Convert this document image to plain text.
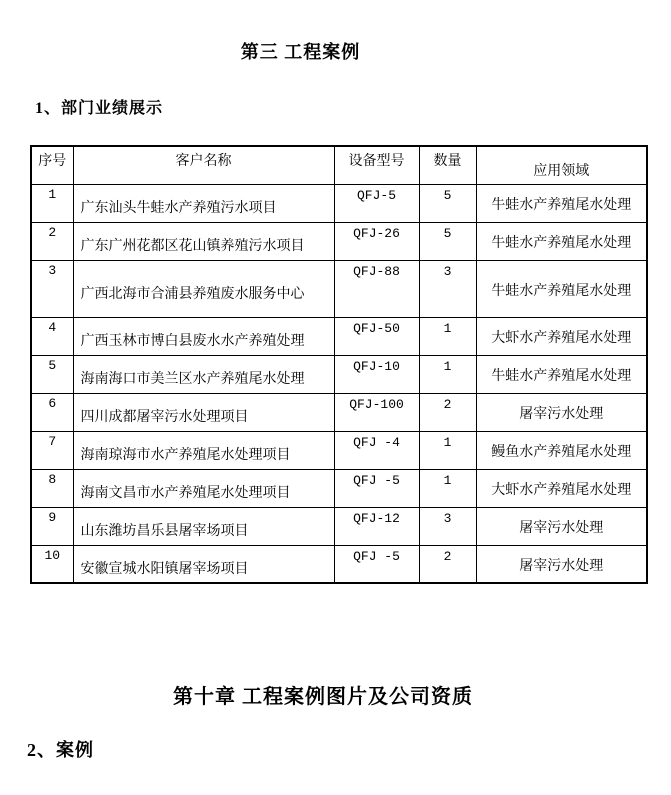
第三 工程案例
1、部门业绩展示
序号	客户名称	设备型号	数量	应用领域
1	广东汕头牛蛙水产养殖污水项目	QFJ-5	5	牛蛙水产养殖尾水处理
2	广东广州花都区花山镇养殖污水项目	QFJ-26	5	牛蛙水产养殖尾水处理
3	广西北海市合浦县养殖废水服务中心	QFJ-88	3	牛蛙水产养殖尾水处理
4	广西玉林市博白县废水水产养殖处理	QFJ-50	1	大虾水产养殖尾水处理
5	海南海口市美兰区水产养殖尾水处理	QFJ-10	1	牛蛙水产养殖尾水处理
6	四川成都屠宰污水处理项目	QFJ-100	2	屠宰污水处理
7	海南琼海市水产养殖尾水处理项目	QFJ -4	1	鳗鱼水产养殖尾水处理
8	海南文昌市水产养殖尾水处理项目	QFJ -5	1	大虾水产养殖尾水处理
9	山东潍坊昌乐县屠宰场项目	QFJ-12	3	屠宰污水处理
10	安徽宣城水阳镇屠宰场项目	QFJ -5	2	屠宰污水处理
第十章 工程案例图片及公司资质
2、案例
